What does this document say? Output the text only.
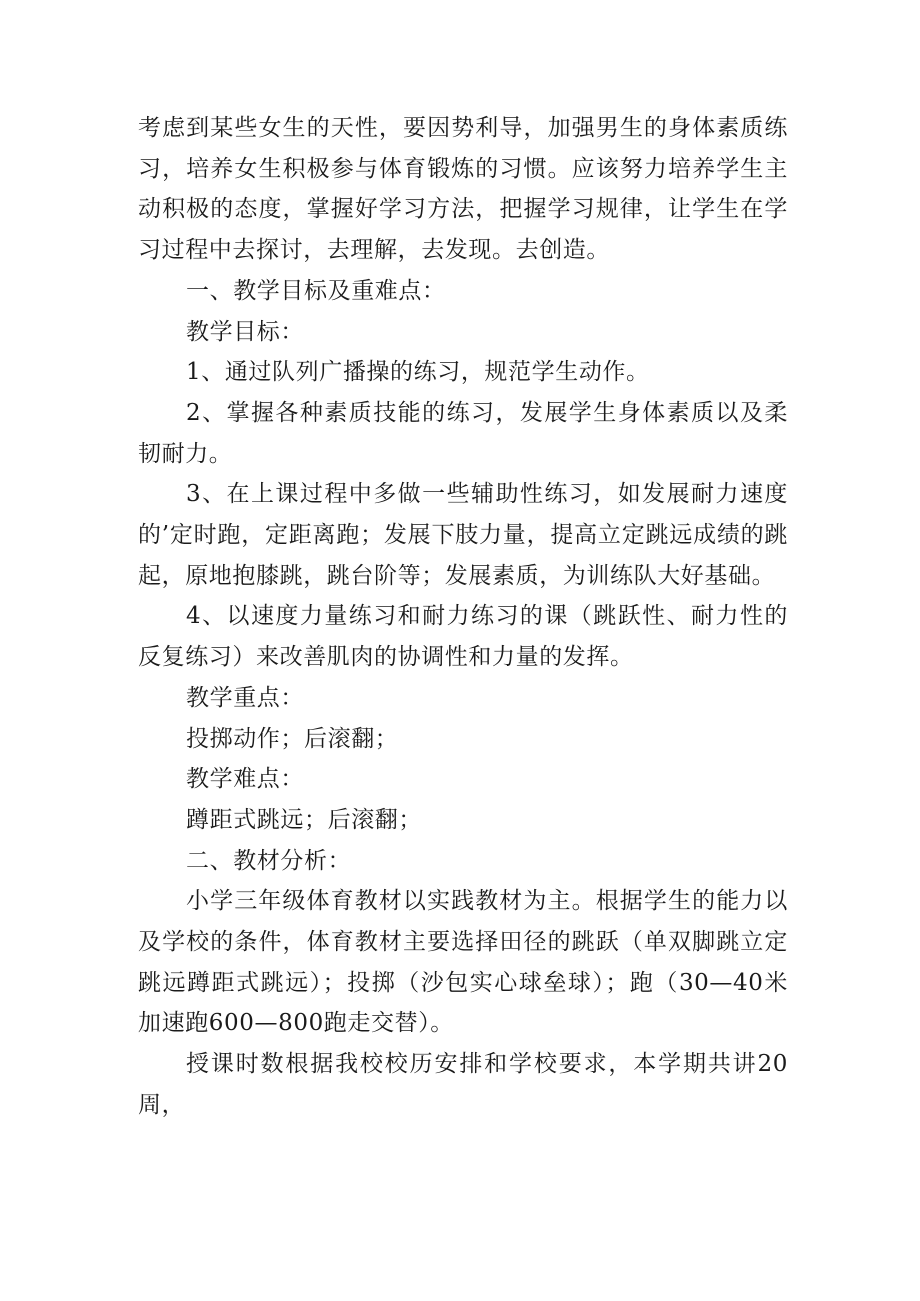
考虑到某些女生的天性，要因势利导，加强男生的身体素质练习，培养女生积极参与体育锻炼的习惯。应该努力培养学生主动积极的态度，掌握好学习方法，把握学习规律，让学生在学习过程中去探讨，去理解，去发现。去创造。

一、教学目标及重难点：

教学目标：

1、通过队列广播操的练习，规范学生动作。

2、掌握各种素质技能的练习，发展学生身体素质以及柔韧耐力。

3、在上课过程中多做一些辅助性练习，如发展耐力速度的’定时跑，定距离跑；发展下肢力量，提高立定跳远成绩的跳起，原地抱膝跳，跳台阶等；发展素质，为训练队大好基础。

4、以速度力量练习和耐力练习的课（跳跃性、耐力性的反复练习）来改善肌肉的协调性和力量的发挥。

教学重点：

投掷动作；后滚翻；

教学难点：

蹲距式跳远；后滚翻；

二、教材分析：

小学三年级体育教材以实践教材为主。根据学生的能力以及学校的条件，体育教材主要选择田径的跳跃（单双脚跳立定跳远蹲距式跳远）；投掷（沙包实心球垒球）；跑（30—40米加速跑600—800跑走交替）。

授课时数根据我校校历安排和学校要求，本学期共讲20周，
